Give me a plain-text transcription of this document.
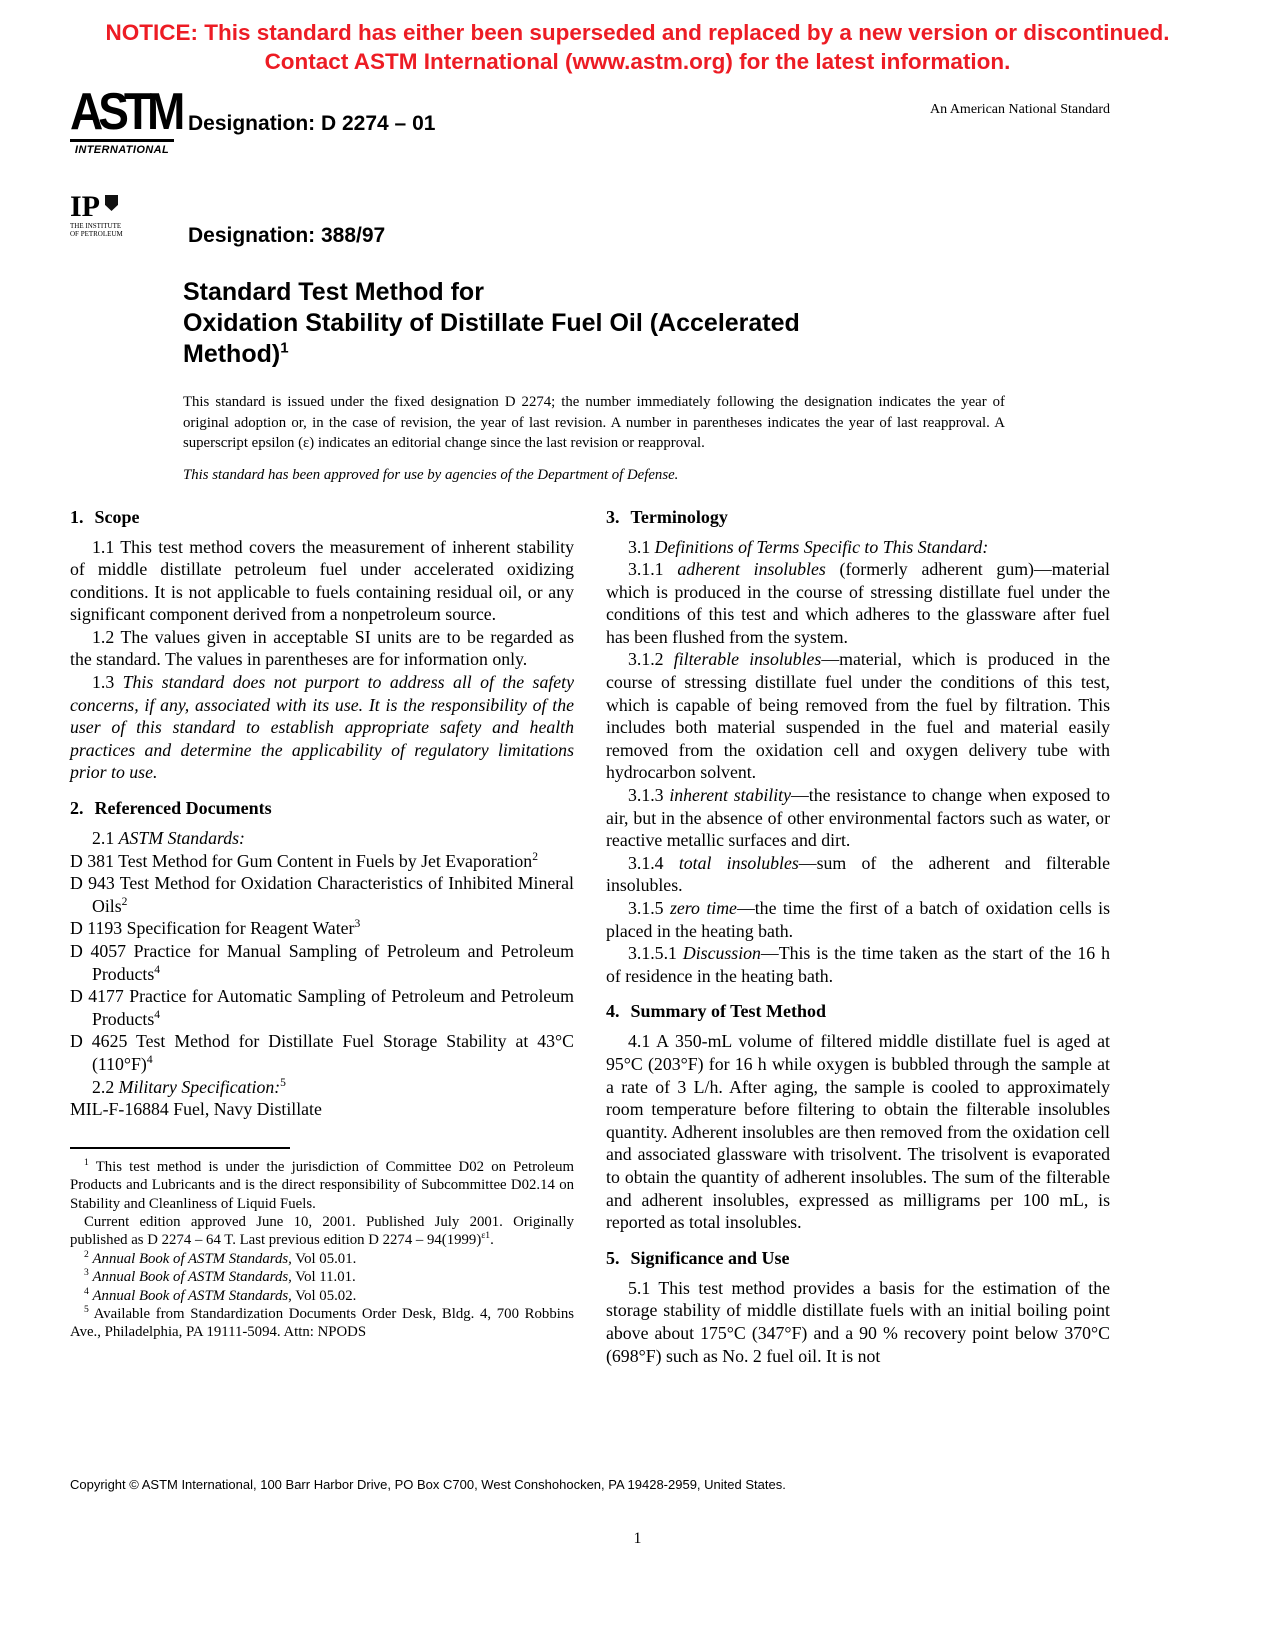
NOTICE: This standard has either been superseded and replaced by a new version or discontinued.
Contact ASTM International (www.astm.org) for the latest information.
ASTM
INTERNATIONAL
Designation: D 2274 – 01
An American National Standard
IP
THE INSTITUTE
OF PETROLEUM	Designation: 388/97
Standard Test Method for
Oxidation Stability of Distillate Fuel Oil (Accelerated
Method)$^1$
This standard is issued under the fixed designation D 2274; the number immediately following the designation indicates the year of original adoption or, in the case of revision, the year of last revision. A number in parentheses indicates the year of last reapproval. A superscript epsilon (ε) indicates an editorial change since the last revision or reapproval.
This standard has been approved for use by agencies of the Department of Defense.
1. Scope

1.1 This test method covers the measurement of inherent stability of middle distillate petroleum fuel under accelerated oxidizing conditions. It is not applicable to fuels containing residual oil, or any significant component derived from a nonpetroleum source.

1.2 The values given in acceptable SI units are to be regarded as the standard. The values in parentheses are for information only.

1.3 This standard does not purport to address all of the safety concerns, if any, associated with its use. It is the responsibility of the user of this standard to establish appropriate safety and health practices and determine the applicability of regulatory limitations prior to use.

2. Referenced Documents

2.1 ASTM Standards:

D 381 Test Method for Gum Content in Fuels by Jet Evaporation$^2$

D 943 Test Method for Oxidation Characteristics of Inhibited Mineral Oils$^2$

D 1193 Specification for Reagent Water$^3$

D 4057 Practice for Manual Sampling of Petroleum and Petroleum Products$^4$

D 4177 Practice for Automatic Sampling of Petroleum and Petroleum Products$^4$

D 4625 Test Method for Distillate Fuel Storage Stability at 43°C $(110^\circ F)^4$

2.2 Military Specification:$^5$

MIL-F-16884 Fuel, Navy Distillate

$^1$ This test method is under the jurisdiction of Committee D02 on Petroleum Products and Lubricants and is the direct responsibility of Subcommittee D02.14 on Stability and Cleanliness of Liquid Fuels.

Current edition approved June 10, 2001. Published July 2001. Originally published as D 2274 – 64 T. Last previous edition D $2274 - 94(1999)^{\varepsilon 1}$.

$^2$ Annual Book of ASTM Standards, Vol 05.01.

$^3$ Annual Book of ASTM Standards, Vol 11.01.

$^4$ Annual Book of ASTM Standards, Vol 05.02.

$^5$ Available from Standardization Documents Order Desk, Bldg. 4, 700 Robbins Ave., Philadelphia, PA 19111-5094. Attn: NPODS

3. Terminology

3.1 Definitions of Terms Specific to This Standard:

3.1.1 adherent insolubles (formerly adherent gum)—material which is produced in the course of stressing distillate fuel under the conditions of this test and which adheres to the glassware after fuel has been flushed from the system.

3.1.2 filterable insolubles—material, which is produced in the course of stressing distillate fuel under the conditions of this test, which is capable of being removed from the fuel by filtration. This includes both material suspended in the fuel and material easily removed from the oxidation cell and oxygen delivery tube with hydrocarbon solvent.

3.1.3 inherent stability—the resistance to change when exposed to air, but in the absence of other environmental factors such as water, or reactive metallic surfaces and dirt.

3.1.4 total insolubles—sum of the adherent and filterable insolubles.

3.1.5 zero time—the time the first of a batch of oxidation cells is placed in the heating bath.

3.1.5.1 Discussion—This is the time taken as the start of the 16 h of residence in the heating bath.

4. Summary of Test Method

4.1 A 350-mL volume of filtered middle distillate fuel is aged at 95°C (203°F) for 16 h while oxygen is bubbled through the sample at a rate of 3 L/h. After aging, the sample is cooled to approximately room temperature before filtering to obtain the filterable insolubles quantity. Adherent insolubles are then removed from the oxidation cell and associated glassware with trisolvent. The trisolvent is evaporated to obtain the quantity of adherent insolubles. The sum of the filterable and adherent insolubles, expressed as milligrams per 100 mL, is reported as total insolubles.

5. Significance and Use

5.1 This test method provides a basis for the estimation of the storage stability of middle distillate fuels with an initial boiling point above about 175°C (347°F) and a 90 % recovery point below 370°C (698°F) such as No. 2 fuel oil. It is not

Copyright © ASTM International, 100 Barr Harbor Drive, PO Box C700, West Conshohocken, PA 19428-2959, United States.
1
